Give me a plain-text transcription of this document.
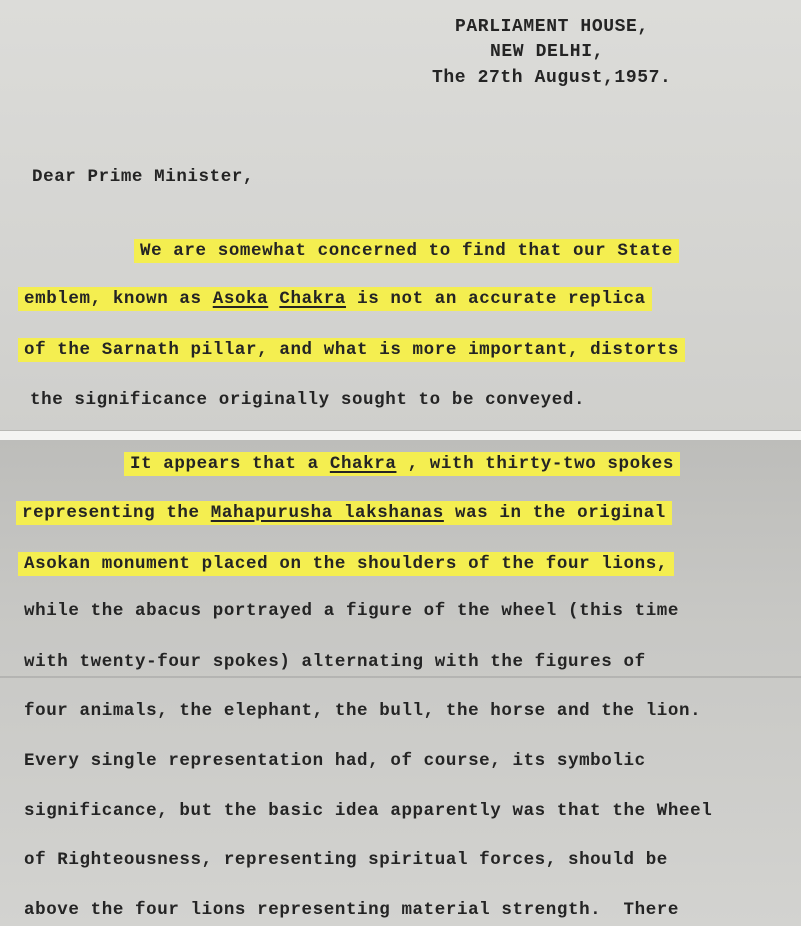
PARLIAMENT HOUSE,
NEW DELHI,
The 27th August,1957.
Dear Prime Minister,
We are somewhat concerned to find that our State
emblem, known as Asoka Chakra is not an accurate replica
of the Sarnath pillar, and what is more important, distorts
the significance originally sought to be conveyed.
It appears that a Chakra , with thirty-two spokes
representing the Mahapurusha lakshanas was in the original
Asokan monument placed on the shoulders of the four lions,
while the abacus portrayed a figure of the wheel (this time
with twenty-four spokes) alternating with the figures of
four animals, the elephant, the bull, the horse and the lion.
Every single representation had, of course, its symbolic
significance, but the basic idea apparently was that the Wheel
of Righteousness, representing spiritual forces, should be
above the four lions representing material strength.  There
